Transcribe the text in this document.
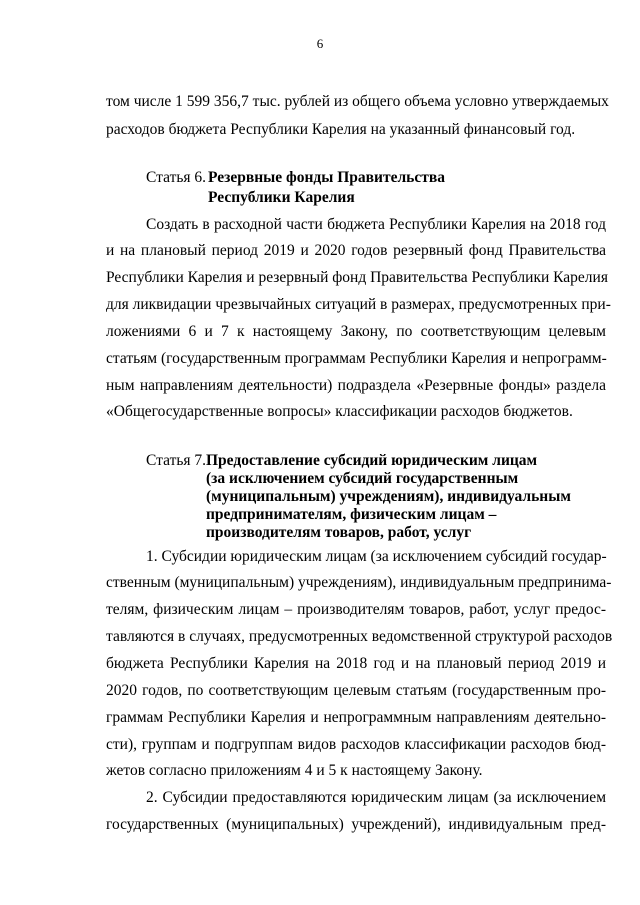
6
том числе 1 599 356,7 тыс. рублей из общего объема условно утверждаемых
расходов бюджета Республики Карелия на указанный финансовый год.
Статья 6. Резервные фонды Правительства
Республики Карелия
Создать в расходной части бюджета Республики Карелия на 2018 год
и на плановый период 2019 и 2020 годов резервный фонд Правительства
Республики Карелия и резервный фонд Правительства Республики Карелия
для ликвидации чрезвычайных ситуаций в размерах, предусмотренных при-
ложениями 6 и 7 к настоящему Закону, по соответствующим целевым
статьям (государственным программам Республики Карелия и непрограмм-
ным направлениям деятельности) подраздела «Резервные фонды» раздела
«Общегосударственные вопросы» классификации расходов бюджетов.
Статья 7. Предоставление субсидий юридическим лицам
(за исключением субсидий государственным
(муниципальным) учреждениям), индивидуальным
предпринимателям, физическим лицам –
производителям товаров, работ, услуг
1. Субсидии юридическим лицам (за исключением субсидий государ-
ственным (муниципальным) учреждениям), индивидуальным предпринима-
телям, физическим лицам – производителям товаров, работ, услуг предос-
тавляются в случаях, предусмотренных ведомственной структурой расходов
бюджета Республики Карелия на 2018 год и на плановый период 2019 и
2020 годов, по соответствующим целевым статьям (государственным про-
граммам Республики Карелия и непрограммным направлениям деятельно-
сти), группам и подгруппам видов расходов классификации расходов бюд-
жетов согласно приложениям 4 и 5 к настоящему Закону.
2. Субсидии предоставляются юридическим лицам (за исключением
государственных (муниципальных) учреждений), индивидуальным пред-
